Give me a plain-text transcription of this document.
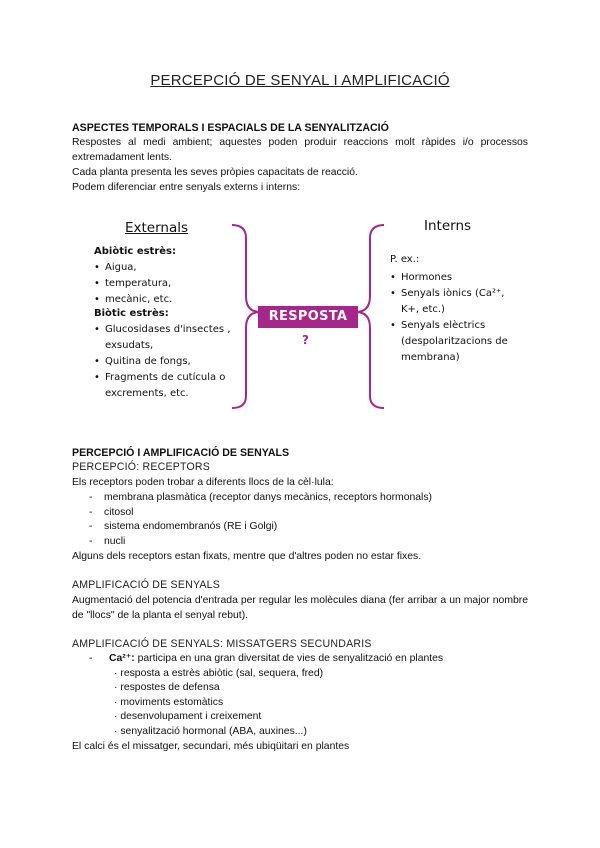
PERCEPCIÓ DE SENYAL I AMPLIFICACIÓ
ASPECTES TEMPORALS I ESPACIALS DE LA SENYALITZACIÓ
Respostes al medi ambient; aquestes poden produir reaccions molt ràpides i/o processos extremadament lents.
Cada planta presenta les seves pròpies capacitats de reacció.
Podem diferenciar entre senyals externs i interns:
Externals
Abiòtic estrès:
• Aigua,
• temperatura,
• mecànic, etc.
Biòtic estrès:
• Glucosidases d'insectes , exsudats,
• Quitina de fongs,
• Fragments de cutícula o excrements, etc.
RESPOSTA
?
Interns
P. ex.:
• Hormones
• Senyals iònics (Ca²⁺, K+, etc.)
• Senyals elèctrics (despolaritzacions de membrana)
PERCEPCIÓ I AMPLIFICACIÓ DE SENYALS
PERCEPCIÓ: RECEPTORS
Els receptors poden trobar a diferents llocs de la cèl·lula:
- membrana plasmàtica (receptor danys mecànics, receptors hormonals)
- citosol
- sistema endomembranós (RE i Golgi)
- nucli
Alguns dels receptors estan fixats, mentre que d'altres poden no estar fixes.
AMPLIFICACIÓ DE SENYALS
Augmentació del potencia d'entrada per regular les molècules diana (fer arribar a un major nombre de "llocs" de la planta el senyal rebut).
AMPLIFICACIÓ DE SENYALS: MISSATGERS SECUNDARIS
- Ca²⁺: participa en una gran diversitat de vies de senyalització en plantes
· resposta a estrès abiòtic (sal, sequera, fred)
· respostes de defensa
· moviments estomàtics
· desenvolupament i creixement
· senyalització hormonal (ABA, auxines...)
El calci és el missatger, secundari, més ubiqüitari en plantes
